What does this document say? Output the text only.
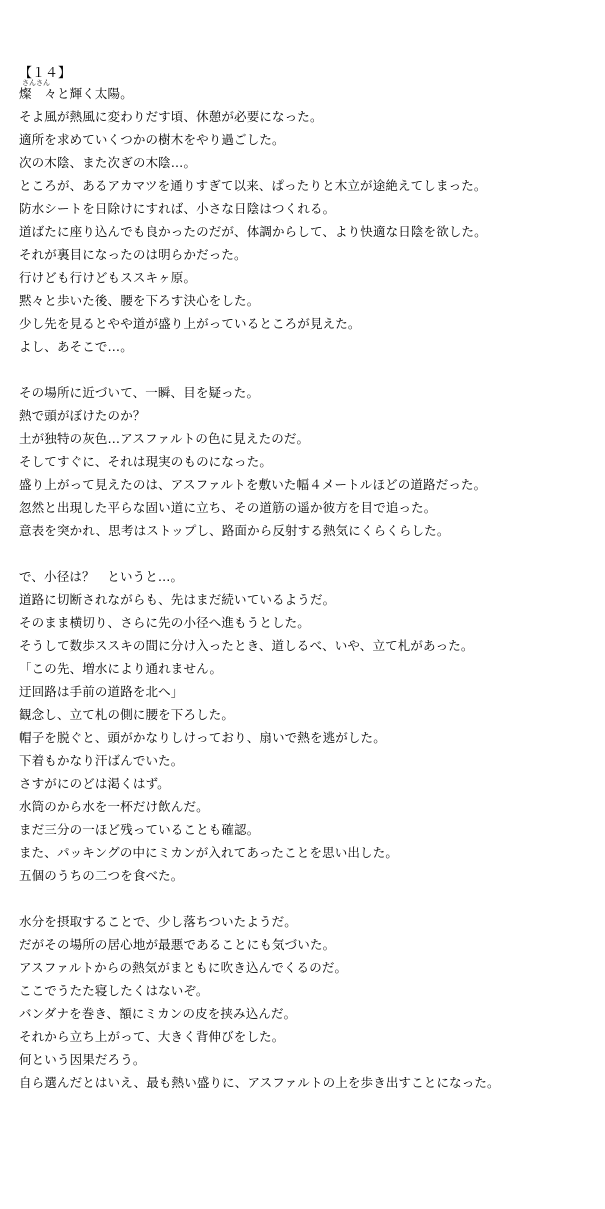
【１４】
さんさん
燦　々と輝く太陽。
そよ風が熱風に変わりだす頃、休憩が必要になった。
適所を求めていくつかの樹木をやり過ごした。
次の木陰、また次ぎの木陰…。
ところが、あるアカマツを通りすぎて以来、ぱったりと木立が途絶えてしまった。
防水シートを日除けにすれば、小さな日陰はつくれる。
道ばたに座り込んでも良かったのだが、体調からして、より快適な日陰を欲した。
それが裏目になったのは明らかだった。
行けども行けどもススキヶ原。
黙々と歩いた後、腰を下ろす決心をした。
少し先を見るとやや道が盛り上がっているところが見えた。
よし、あそこで…。
その場所に近づいて、一瞬、目を疑った。
熱で頭がぼけたのか？
土が独特の灰色…アスファルトの色に見えたのだ。
そしてすぐに、それは現実のものになった。
盛り上がって見えたのは、アスファルトを敷いた幅４メートルほどの道路だった。
忽然と出現した平らな固い道に立ち、その道筋の遥か彼方を目で追った。
意表を突かれ、思考はストップし、路面から反射する熱気にくらくらした。
で、小径は？　というと…。
道路に切断されながらも、先はまだ続いているようだ。
そのまま横切り、さらに先の小径へ進もうとした。
そうして数歩ススキの間に分け入ったとき、道しるべ、いや、立て札があった。
「この先、増水により通れません。
迂回路は手前の道路を北へ」
観念し、立て札の側に腰を下ろした。
帽子を脱ぐと、頭がかなりしけっており、扇いで熱を逃がした。
下着もかなり汗ばんでいた。
さすがにのどは渇くはず。
水筒のから水を一杯だけ飲んだ。
まだ三分の一ほど残っていることも確認。
また、パッキングの中にミカンが入れてあったことを思い出した。
五個のうちの二つを食べた。
水分を摂取することで、少し落ちついたようだ。
だがその場所の居心地が最悪であることにも気づいた。
アスファルトからの熱気がまともに吹き込んでくるのだ。
ここでうたた寝したくはないぞ。
バンダナを巻き、額にミカンの皮を挟み込んだ。
それから立ち上がって、大きく背伸びをした。
何という因果だろう。
自ら選んだとはいえ、最も熱い盛りに、アスファルトの上を歩き出すことになった。
